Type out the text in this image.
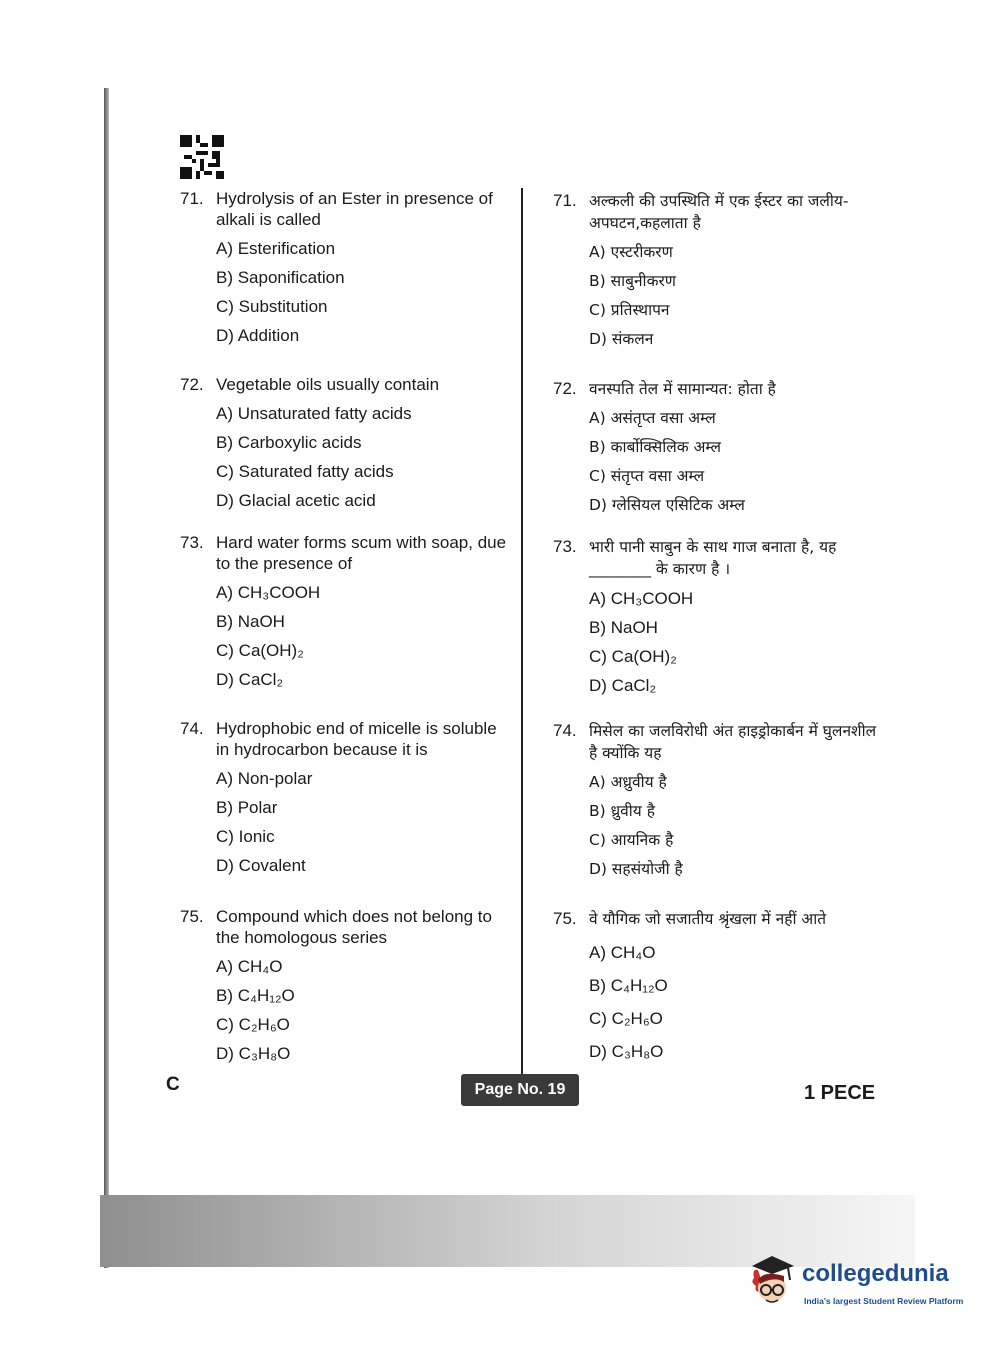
71. Hydrolysis of an Ester in presence of alkali is called
A) Esterification
B) Saponification
C) Substitution
D) Addition
72. Vegetable oils usually contain
A) Unsaturated fatty acids
B) Carboxylic acids
C) Saturated fatty acids
D) Glacial acetic acid
73. Hard water forms scum with soap, due to the presence of
A) CH₃COOH
B) NaOH
C) Ca(OH)₂
D) CaCl₂
74. Hydrophobic end of micelle is soluble in hydrocarbon because it is
A) Non-polar
B) Polar
C) Ionic
D) Covalent
75. Compound which does not belong to the homologous series
A) CH₄O
B) C₄H₁₂O
C) C₂H₆O
D) C₃H₈O
71. अल्कली की उपस्थिति में एक ईस्टर का जलीय-अपघटन,कहलाता है
A) एस्टरीकरण
B) साबुनीकरण
C) प्रतिस्थापन
D) संकलन
72. वनस्पति तेल में सामान्यत: होता है
A) असंतृप्त वसा अम्ल
B) कार्बोक्सिलिक अम्ल
C) संतृप्त वसा अम्ल
D) ग्लेसियल एसिटिक अम्ल
73. भारी पानी साबुन के साथ गाज बनाता है, यह ________ के कारण है ।
A) CH₃COOH
B) NaOH
C) Ca(OH)₂
D) CaCl₂
74. मिसेल का जलविरोधी अंत हाइड्रोकार्बन में घुलनशील है क्योंकि यह
A) अध्रुवीय है
B) ध्रुवीय है
C) आयनिक है
D) सहसंयोजी है
75. वे यौगिक जो सजातीय श्रृंखला में नहीं आते
A) CH₄O
B) C₄H₁₂O
C) C₂H₆O
D) C₃H₈O
C	Page No. 19	1 PECE
collegedunia
India's largest Student Review Platform
